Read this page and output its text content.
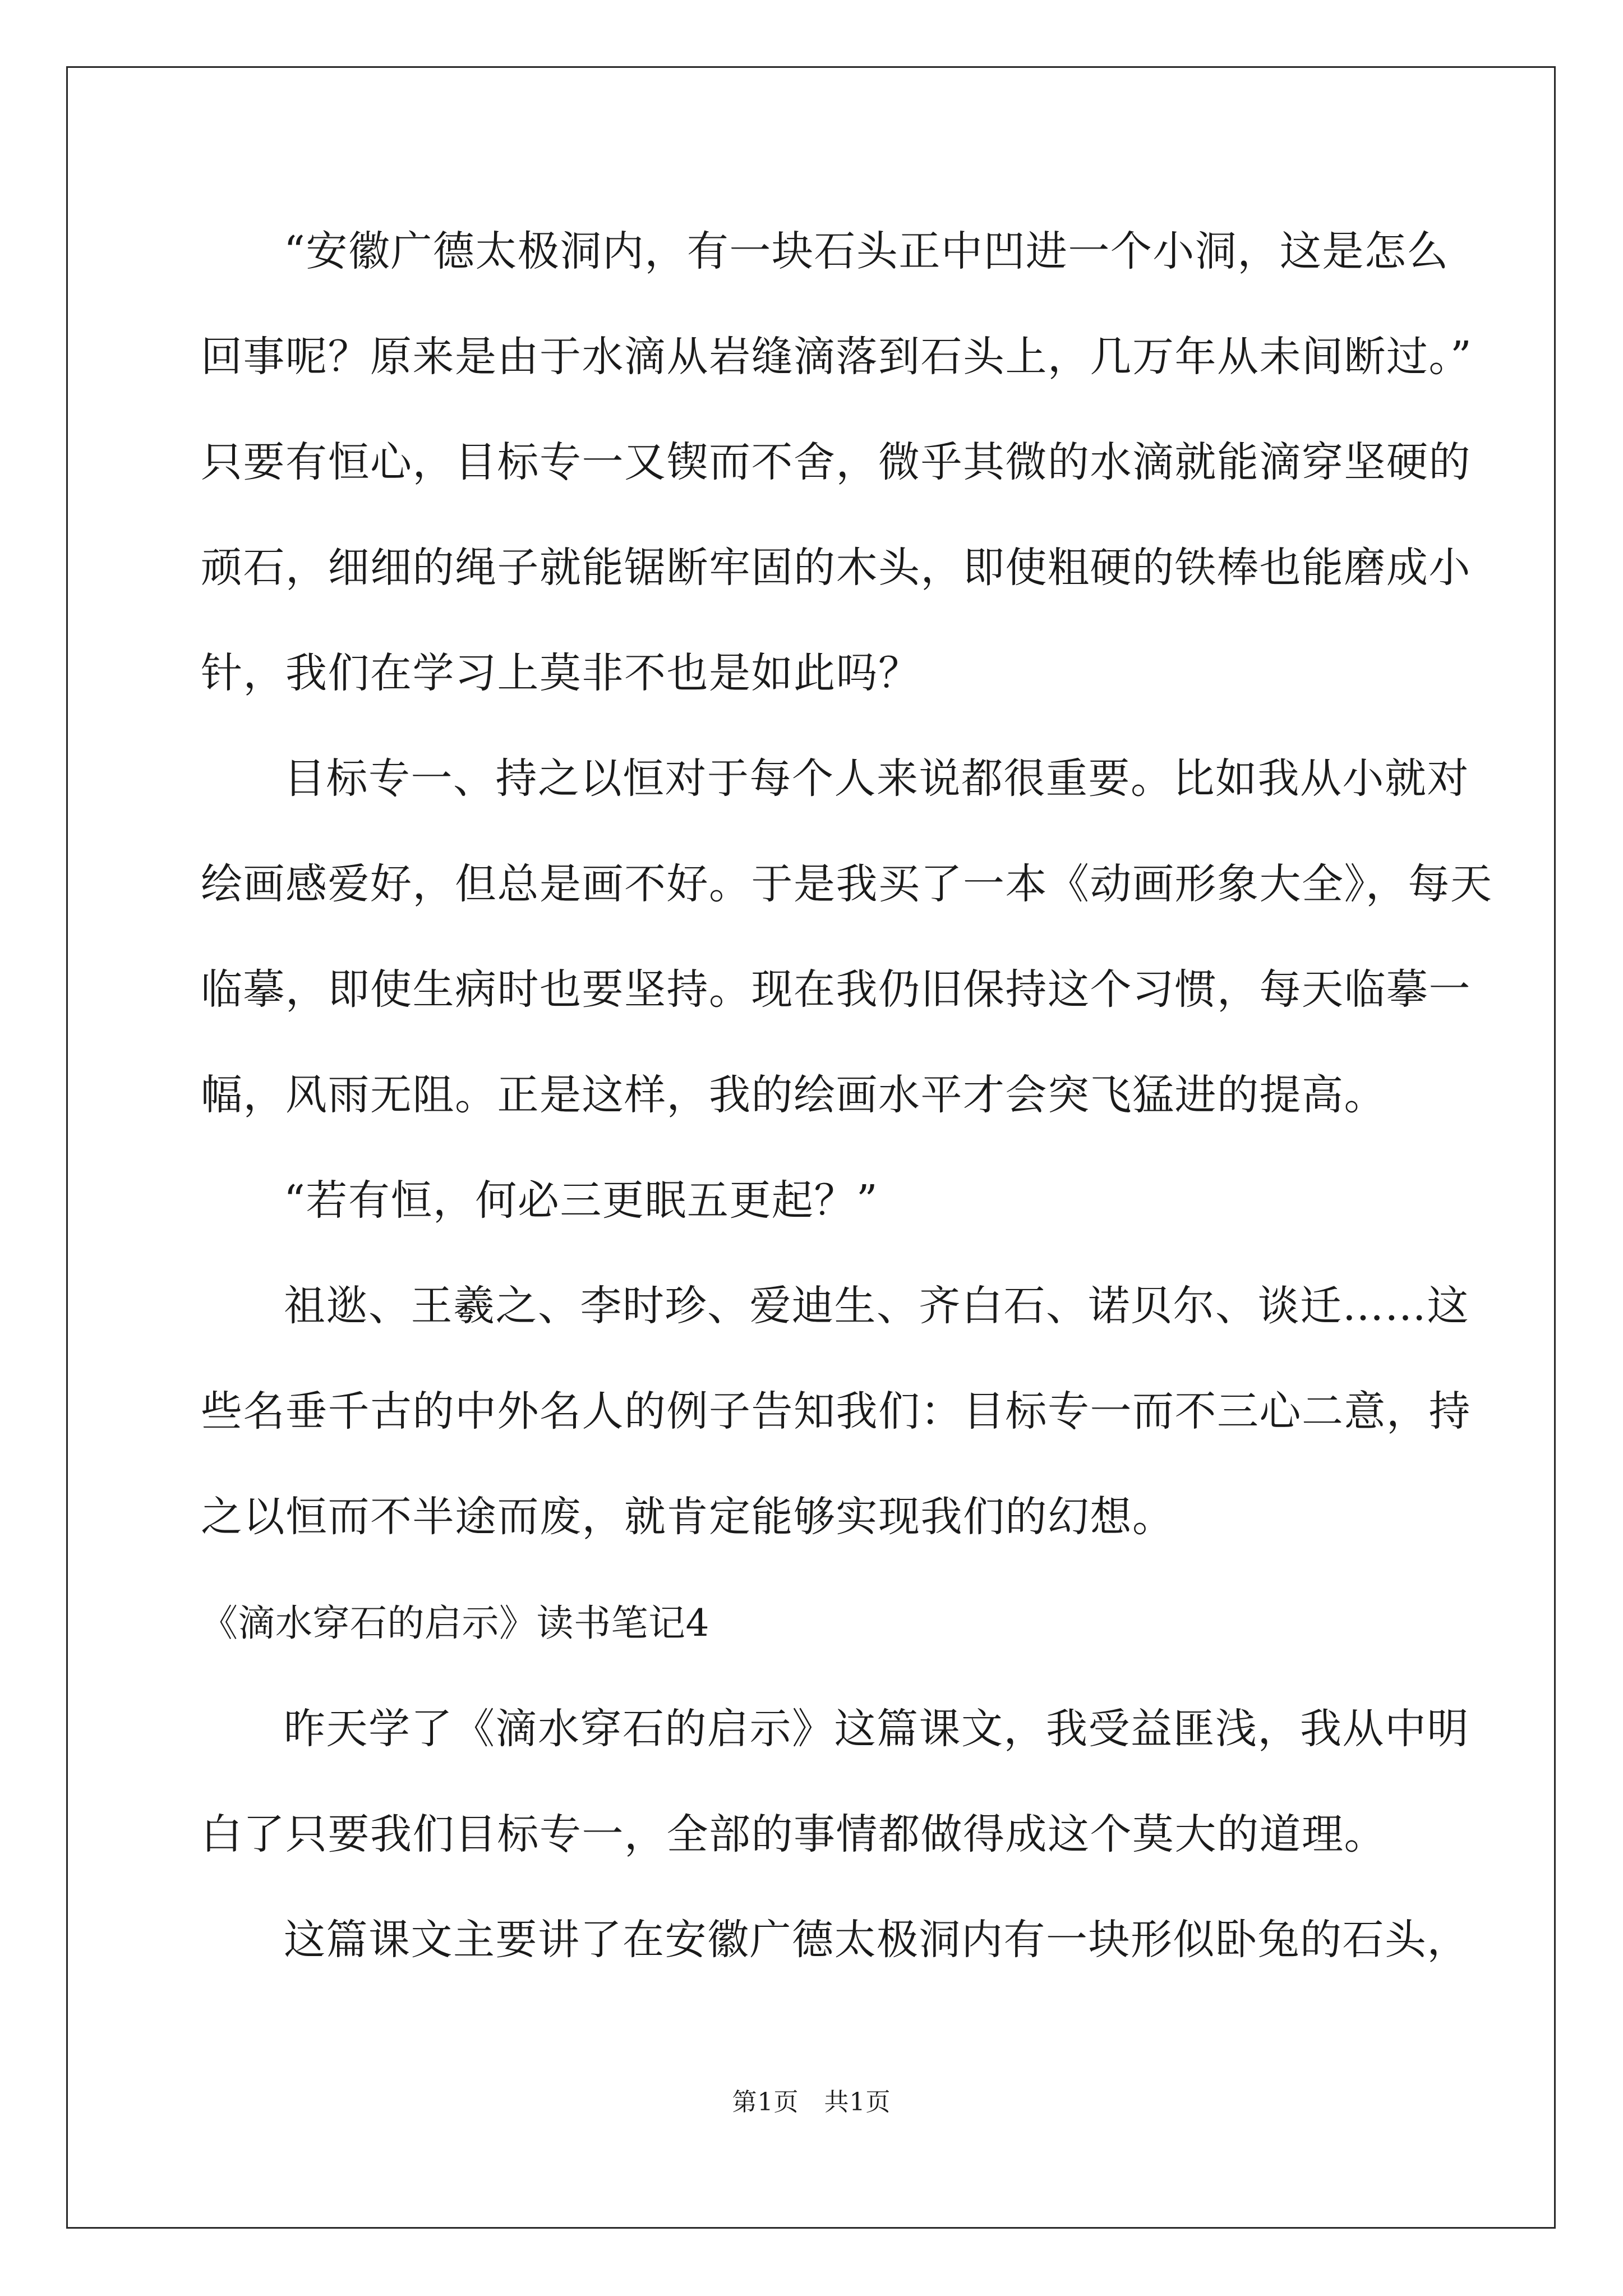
“安徽广德太极洞内，有一块石头正中凹进一个小洞，这是怎么
回事呢？原来是由于水滴从岩缝滴落到石头上，几万年从未间断过。”
只要有恒心，目标专一又锲而不舍，微乎其微的水滴就能滴穿坚硬的
顽石，细细的绳子就能锯断牢固的木头，即使粗硬的铁棒也能磨成小
针，我们在学习上莫非不也是如此吗？
目标专一、持之以恒对于每个人来说都很重要。比如我从小就对
绘画感爱好，但总是画不好。于是我买了一本《动画形象大全》，每天
临摹，即使生病时也要坚持。现在我仍旧保持这个习惯，每天临摹一
幅，风雨无阻。正是这样，我的绘画水平才会突飞猛进的提高。
“若有恒，何必三更眠五更起？”
祖逖、王羲之、李时珍、爱迪生、齐白石、诺贝尔、谈迁……这
些名垂千古的中外名人的例子告知我们：目标专一而不三心二意，持
之以恒而不半途而废，就肯定能够实现我们的幻想。
《滴水穿石的启示》读书笔记4
昨天学了《滴水穿石的启示》这篇课文，我受益匪浅，我从中明
白了只要我们目标专一，全部的事情都做得成这个莫大的道理。
这篇课文主要讲了在安徽广德太极洞内有一块形似卧兔的石头，
第1页   共1页
